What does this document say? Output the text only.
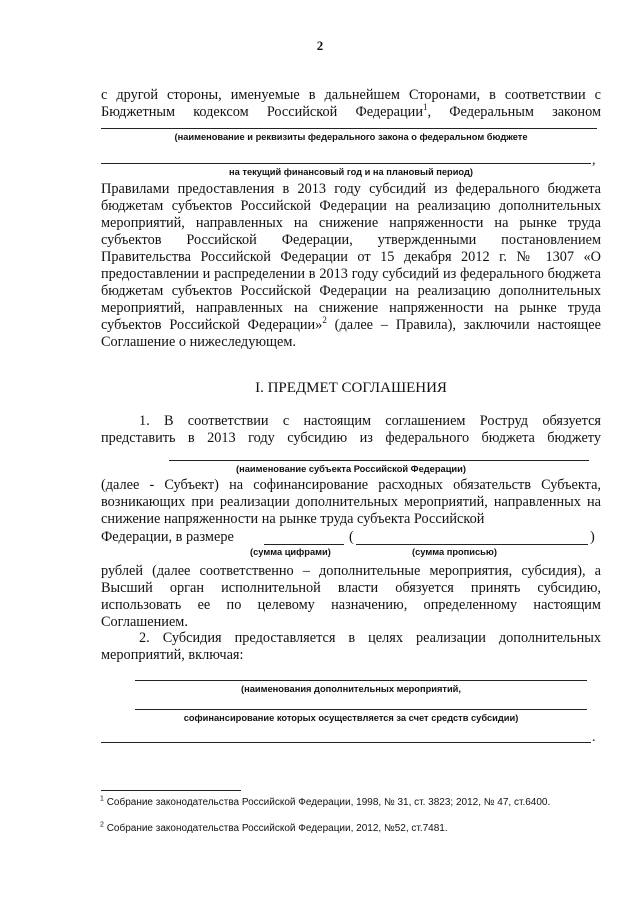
2
с другой стороны, именуемые в дальнейшем Сторонами, в соответствии с
Бюджетным кодексом Российской Федерации$^1$, Федеральным законом
(наименование и реквизиты федерального закона о федеральном бюджете
,
на текущий финансовый год и на плановый период)
Правилами предоставления в 2013 году субсидий из федерального бюджета бюджетам субъектов Российской Федерации на реализацию дополнительных мероприятий, направленных на снижение напряженности на рынке труда субъектов Российской Федерации, утвержденными постановлением Правительства Российской Федерации от 15 декабря 2012 г. № 1307 «О предоставлении и распределении в 2013 году субсидий из федерального бюджета бюджетам субъектов Российской Федерации на реализацию дополнительных мероприятий, направленных на снижение напряженности на рынке труда субъектов Российской Федерации»$^2$ (далее – Правила), заключили настоящее Соглашение о нижеследующем.
I. ПРЕДМЕТ СОГЛАШЕНИЯ
1. В соответствии с настоящим соглашением Роструд обязуется представить в 2013 году субсидию из федерального бюджета бюджету
(наименование субъекта Российской Федерации)
(далее - Субъект) на софинансирование расходных обязательств Субъекта, возникающих при реализации дополнительных мероприятий, направленных на снижение напряженности на рынке труда субъекта Российской
Федерации, в размере	(	)
(сумма цифрами)	(сумма прописью)
рублей (далее соответственно – дополнительные мероприятия, субсидия), а Высший орган исполнительной власти обязуется принять субсидию, использовать ее по целевому назначению, определенному настоящим Соглашением.
2. Субсидия предоставляется в целях реализации дополнительных мероприятий, включая:
(наименования дополнительных мероприятий,
софинансирование которых осуществляется за счет средств субсидии)
.
$^1$ Собрание законодательства Российской Федерации, 1998, № 31, ст. 3823; 2012, № 47, ст.6400.
$^2$ Собрание законодательства Российской Федерации, 2012, №52, ст.7481.
